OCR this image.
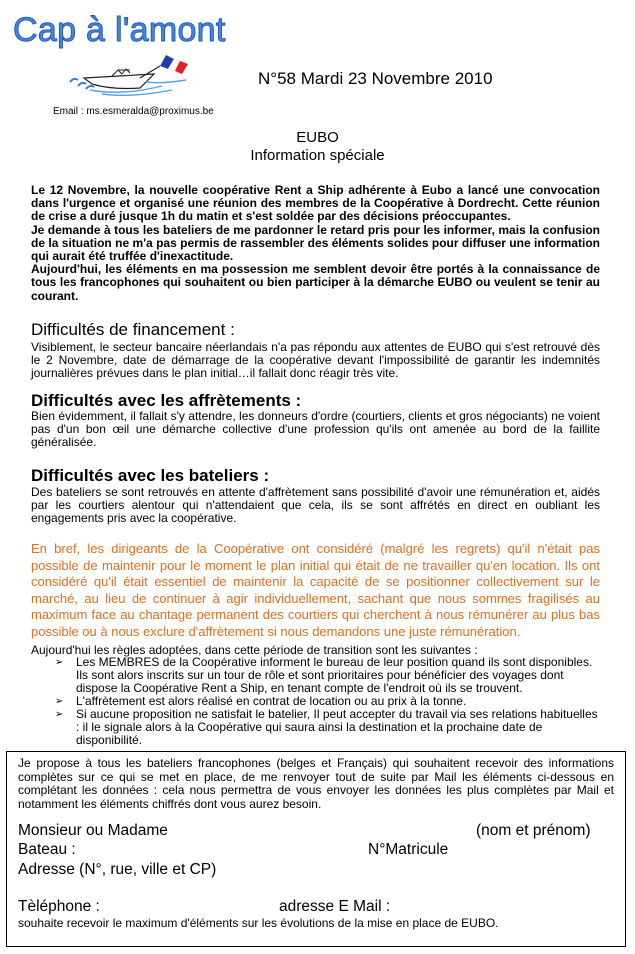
Cap à l'amont
N°58 Mardi 23 Novembre 2010
Email : ms.esmeralda@proximus.be
EUBO
Information spéciale

Le 12 Novembre, la nouvelle coopérative Rent a Ship adhérente à Eubo a lancé une convocation dans l'urgence et organisé une réunion des membres de la Coopérative à Dordrecht. Cette réunion de crise a duré jusque 1h du matin et s'est soldée par des décisions préoccupantes.

Je demande à tous les bateliers de me pardonner le retard pris pour les informer, mais la confusion de la situation ne m'a pas permis de rassembler des éléments solides pour diffuser une information qui aurait été truffée d'inexactitude.

Aujourd'hui, les éléments en ma possession me semblent devoir être portés à la connaissance de tous les francophones qui souhaitent ou bien participer à la démarche EUBO ou veulent se tenir au courant.

Difficultés de financement :
Visiblement, le secteur bancaire néerlandais n'a pas répondu aux attentes de EUBO qui s'est retrouvé dès le 2 Novembre, date de démarrage de la coopérative devant l'impossibilité de garantir les indemnités journalières prévues dans le plan initial…il fallait donc réagir très vite.
Difficultés avec les affrètements :
Bien évidemment, il fallait s'y attendre, les donneurs d'ordre (courtiers, clients et gros négociants) ne voient pas d'un bon œil une démarche collective d'une profession qu'ils ont amenée au bord de la faillite généralisée.
Difficultés avec les bateliers :
Des bateliers se sont retrouvés en attente d'affrètement sans possibilité d'avoir une rémunération et, aidés par les courtiers alentour qui n'attendaient que cela, ils se sont affrétés en direct en oubliant les engagements pris avec la coopérative.
En bref, les dirigeants de la Coopérative ont considéré (malgré les regrets) qu'il n'était pas possible de maintenir pour le moment le plan initial qui était de ne travailler qu'en location. Ils ont considéré qu'il était essentiel de maintenir la capacité de se positionner collectivement sur le marché, au lieu de continuer à agir individuellement, sachant que nous sommes fragilisés au maximum face au chantage permanent des courtiers qui cherchent à nous rémunérer au plus bas possible ou à nous exclure d'affrètement si nous demandons une juste rémunération.
Aujourd'hui les règles adoptées, dans cette période de transition sont les suivantes :
➢ Les MEMBRES de la Coopérative informent le bureau de leur position quand ils sont disponibles. Ils sont alors inscrits sur un tour de rôle et sont prioritaires pour bénéficier des voyages dont dispose la Coopérative Rent a Ship, en tenant compte de l'endroit où ils se trouvent.
➢ L'affrètement est alors réalisé en contrat de location ou au prix à la tonne.
➢ Si aucune proposition ne satisfait le batelier, Il peut accepter du travail via ses relations habituelles : il le signale alors à la Coopérative qui saura ainsi la destination et la prochaine date de disponibilité.
Je propose à tous les bateliers francophones (belges et Français) qui souhaitent recevoir des informations complètes sur ce qui se met en place, de me renvoyer tout de suite par Mail les éléments ci-dessous en complétant les données : cela nous permettra de vous envoyer les données les plus complètes par Mail et notamment les éléments chiffrés dont vous aurez besoin.
Monsieur ou Madame	(nom et prénom)
Bateau :	N°Matricule
Adresse (N°, rue, ville et CP)
Tèléphone :	adresse E Mail :
souhaite recevoir le maximum d'éléments sur les évolutions de la mise en place de EUBO.
